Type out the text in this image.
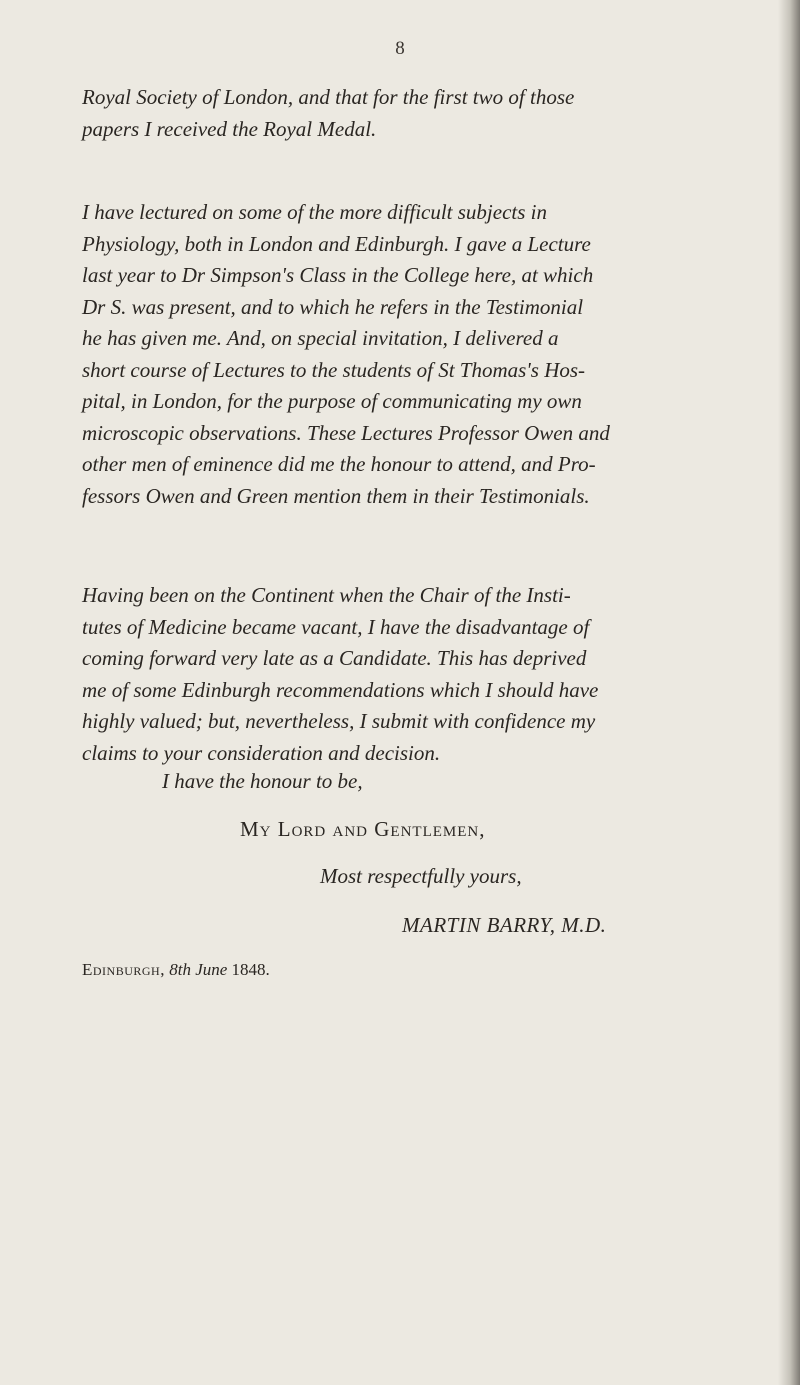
8
Royal Society of London, and that for the first two of those
papers I received the Royal Medal.
I have lectured on some of the more difficult subjects in
Physiology, both in London and Edinburgh. I gave a Lecture
last year to Dr Simpson's Class in the College here, at which
Dr S. was present, and to which he refers in the Testimonial
he has given me. And, on special invitation, I delivered a
short course of Lectures to the students of St Thomas's Hos-
pital, in London, for the purpose of communicating my own
microscopic observations. These Lectures Professor Owen and
other men of eminence did me the honour to attend, and Pro-
fessors Owen and Green mention them in their Testimonials.
Having been on the Continent when the Chair of the Insti-
tutes of Medicine became vacant, I have the disadvantage of
coming forward very late as a Candidate. This has deprived
me of some Edinburgh recommendations which I should have
highly valued; but, nevertheless, I submit with confidence my
claims to your consideration and decision.
I have the honour to be,
My Lord and Gentlemen,
Most respectfully yours,
MARTIN BARRY, M.D.
Edinburgh, 8th June 1848.
